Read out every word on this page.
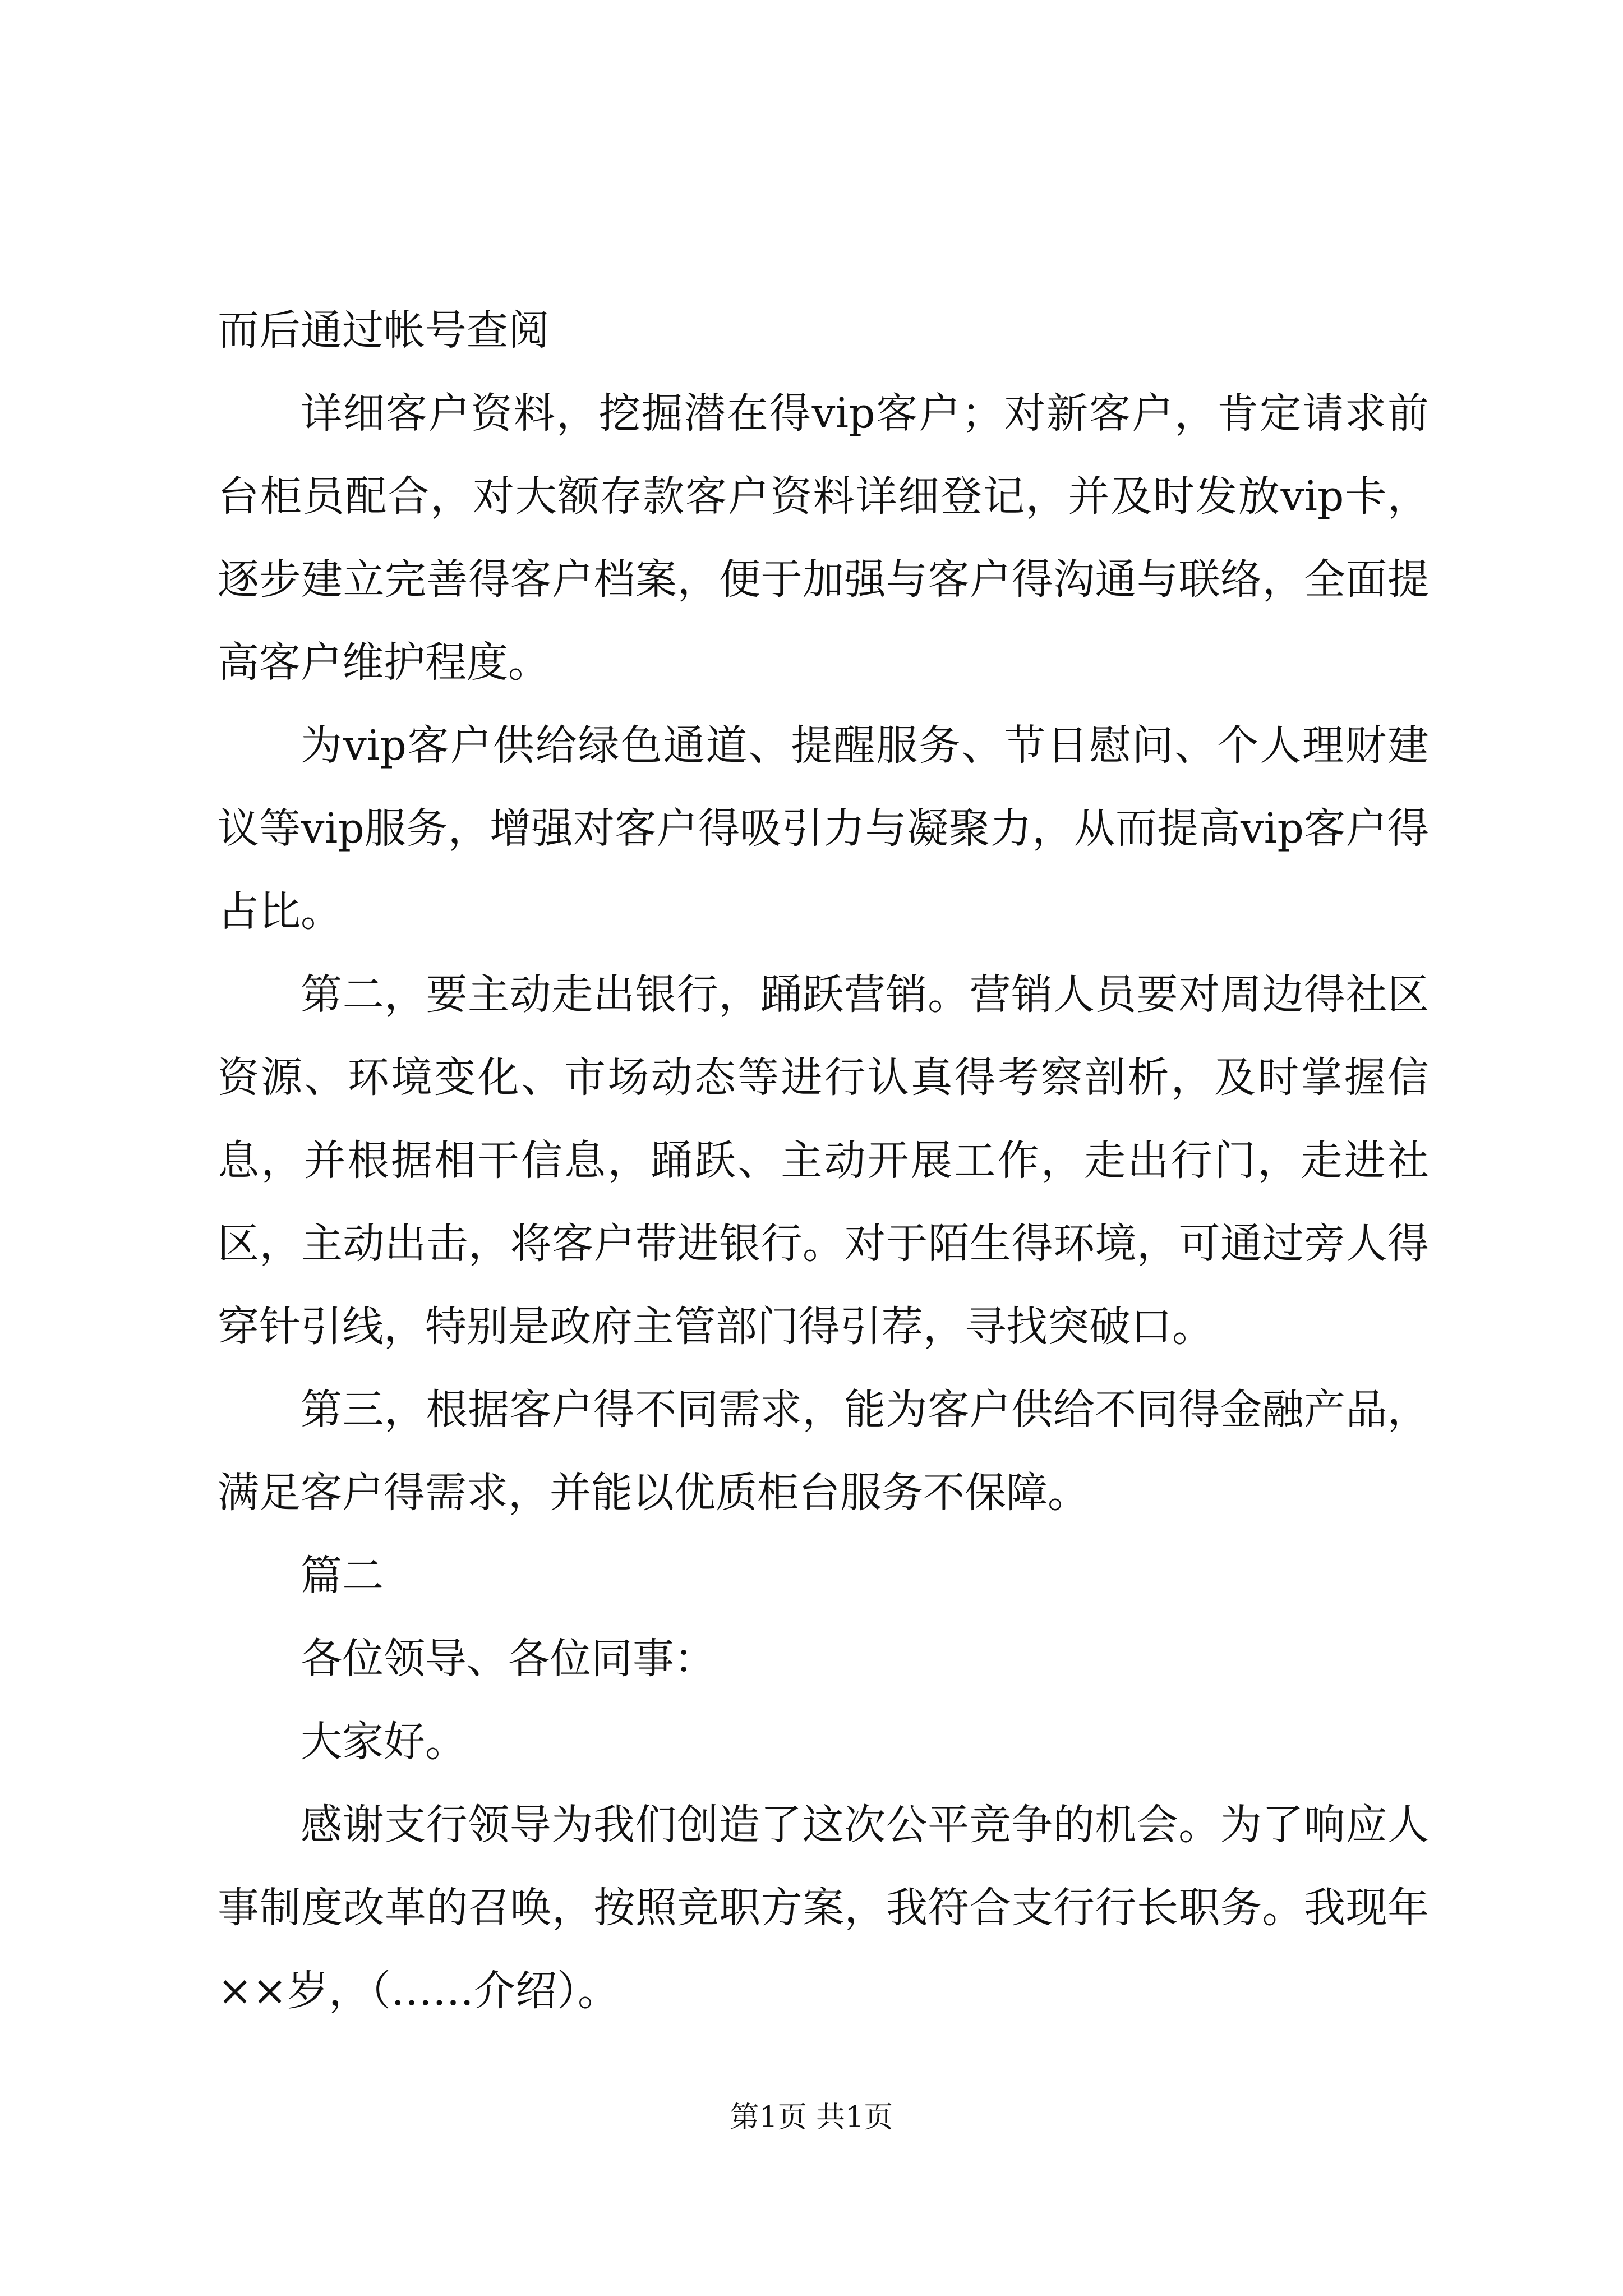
而后通过帐号查阅

详细客户资料，挖掘潜在得vip客户；对新客户，肯定请求前台柜员配合，对大额存款客户资料详细登记，并及时发放vip卡，逐步建立完善得客户档案，便于加强与客户得沟通与联络，全面提高客户维护程度。

为vip客户供给绿色通道、提醒服务、节日慰问、个人理财建议等vip服务，增强对客户得吸引力与凝聚力，从而提高vip客户得占比。

第二，要主动走出银行，踊跃营销。营销人员要对周边得社区资源、环境变化、市场动态等进行认真得考察剖析，及时掌握信息，并根据相干信息，踊跃、主动开展工作，走出行门，走进社区，主动出击，将客户带进银行。对于陌生得环境，可通过旁人得穿针引线，特别是政府主管部门得引荐，寻找突破口。

第三，根据客户得不同需求，能为客户供给不同得金融产品，满足客户得需求，并能以优质柜台服务不保障。

篇二

各位领导、各位同事：

大家好。

感谢支行领导为我们创造了这次公平竞争的机会。为了响应人事制度改革的召唤，按照竞职方案，我符合支行行长职务。我现年××岁，（……介绍）。

第1页 共1页
